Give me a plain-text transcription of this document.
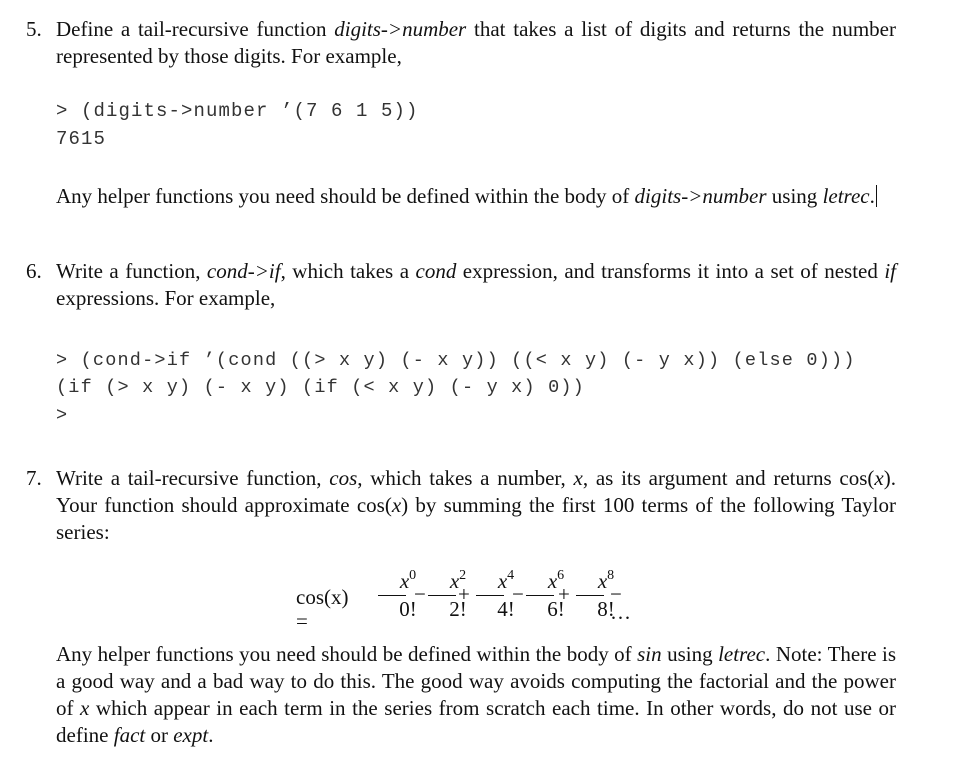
5. Define a tail-recursive function digits->number that takes a list of digits and returns the number represented by those digits. For example,
> (digits->number ’(7 6 1 5))
7615
Any helper functions you need should be defined within the body of digits->number using letrec.
6. Write a function, cond->if, which takes a cond expression, and transforms it into a set of nested if expressions. For example,
> (cond->if ’(cond ((> x y) (- x y)) ((< x y) (- y x)) (else 0)))
(if (> x y) (- x y) (if (< x y) (- y x) 0))
>
7. Write a tail-recursive function, cos, which takes a number, x, as its argument and returns cos(x). Your function should approximate cos(x) by summing the first 100 terms of the following Taylor series:
cos(x) =
$x^0$
0!
−
$x^2$
2!
+
$x^4$
4!
−
$x^6$
6!
+
$x^8$
8!
− ···
Any helper functions you need should be defined within the body of sin using letrec. Note: There is a good way and a bad way to do this. The good way avoids computing the factorial and the power of x which appear in each term in the series from scratch each time. In other words, do not use or define fact or expt.
